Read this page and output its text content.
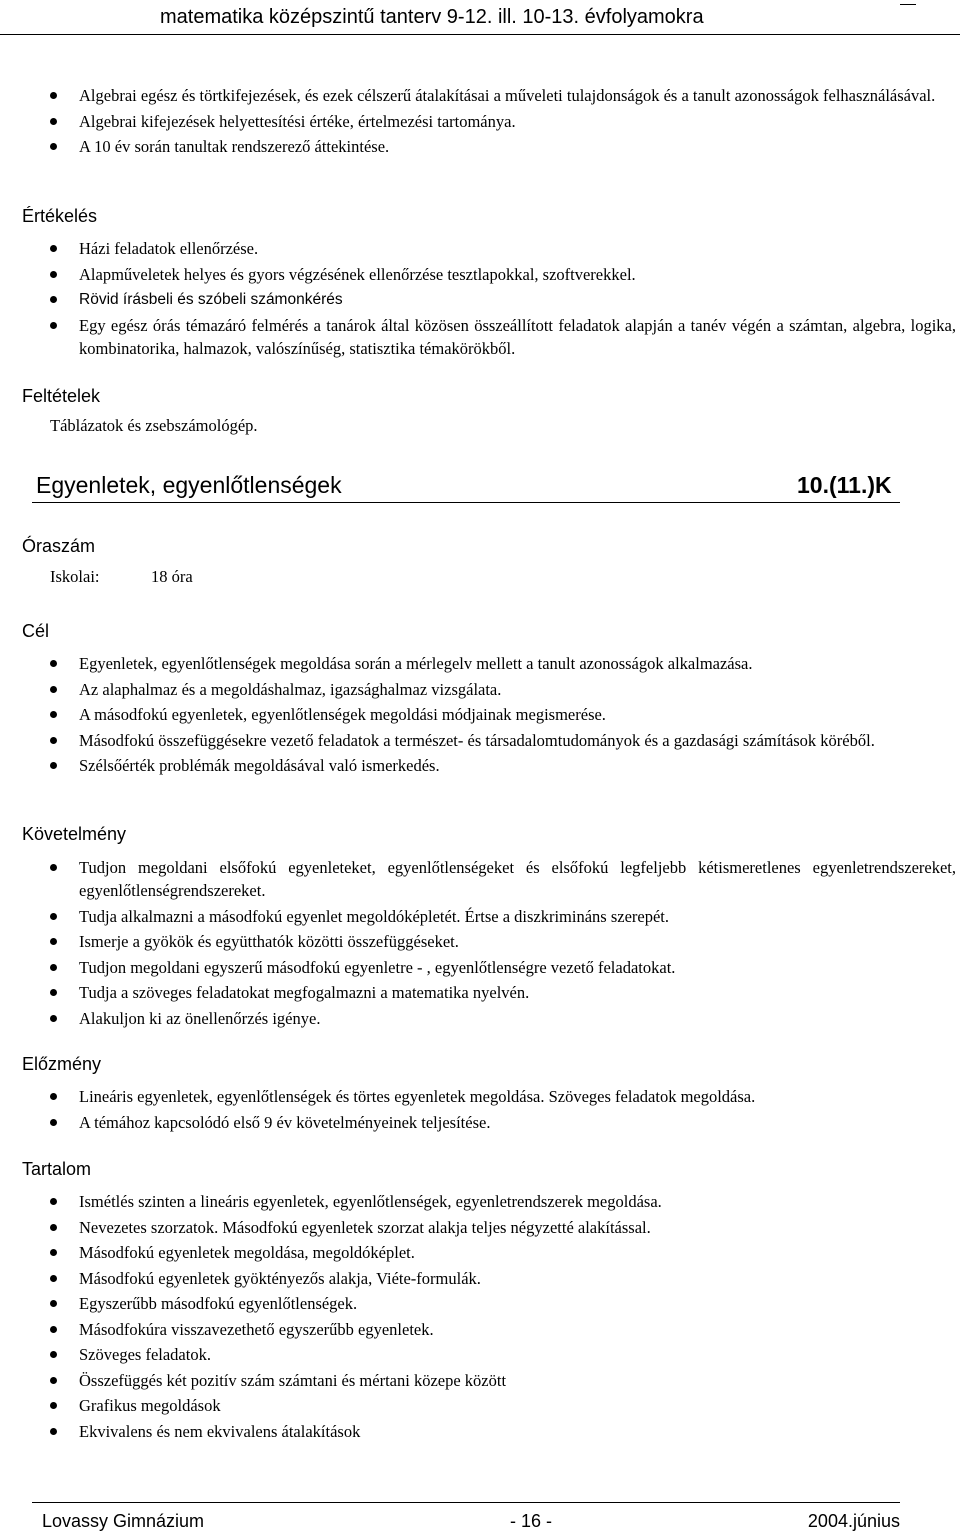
matematika középszintű tanterv 9-12. ill. 10-13. évfolyamokra
Algebrai egész és törtkifejezések, és ezek célszerű átalakításai a műveleti tulajdonságok és a tanult azonosságok felhasználásával.
Algebrai kifejezések helyettesítési értéke, értelmezési tartománya.
A 10 év során tanultak rendszerező áttekintése.
Értékelés
Házi feladatok ellenőrzése.
Alapműveletek helyes és gyors végzésének ellenőrzése tesztlapokkal, szoftverekkel.
Rövid írásbeli és szóbeli számonkérés
Egy egész órás témazáró felmérés a tanárok által közösen összeállított feladatok alapján a tanév végén a számtan, algebra, logika, kombinatorika, halmazok, valószínűség, statisztika témakörökből.
Feltételek
Táblázatok és zsebszámológép.
Egyenletek, egyenlőtlenségek	10.(11.)K
Óraszám
Iskolai:	18 óra
Cél
Egyenletek, egyenlőtlenségek megoldása során a mérlegelv mellett a tanult azonosságok alkalmazása.
Az alaphalmaz és a megoldáshalmaz, igazsághalmaz vizsgálata.
A másodfokú egyenletek, egyenlőtlenségek megoldási módjainak megismerése.
Másodfokú összefüggésekre vezető feladatok a természet- és társadalomtudományok és a gazdasági számítások köréből.
Szélsőérték problémák megoldásával való ismerkedés.
Követelmény
Tudjon megoldani elsőfokú egyenleteket, egyenlőtlenségeket és elsőfokú legfeljebb kétismeretlenes egyenletrendszereket, egyenlőtlenségrendszereket.
Tudja alkalmazni a másodfokú egyenlet megoldóképletét. Értse a diszkrimináns szerepét.
Ismerje a gyökök és együtthatók közötti összefüggéseket.
Tudjon megoldani egyszerű másodfokú egyenletre - , egyenlőtlenségre vezető feladatokat.
Tudja a szöveges feladatokat megfogalmazni a matematika nyelvén.
Alakuljon ki az önellenőrzés igénye.
Előzmény
Lineáris egyenletek, egyenlőtlenségek és törtes egyenletek megoldása. Szöveges feladatok megoldása.
A témához kapcsolódó első 9 év követelményeinek teljesítése.
Tartalom
Ismétlés szinten a lineáris egyenletek, egyenlőtlenségek, egyenletrendszerek megoldása.
Nevezetes szorzatok. Másodfokú egyenletek szorzat alakja teljes négyzetté alakítással.
Másodfokú egyenletek megoldása, megoldóképlet.
Másodfokú egyenletek gyöktényezős alakja, Viéte-formulák.
Egyszerűbb másodfokú egyenlőtlenségek.
Másodfokúra visszavezethető egyszerűbb egyenletek.
Szöveges feladatok.
Összefüggés két pozitív szám számtani és mértani közepe között
Grafikus megoldások
Ekvivalens és nem ekvivalens átalakítások
Lovassy Gimnázium	- 16 -	2004.június
